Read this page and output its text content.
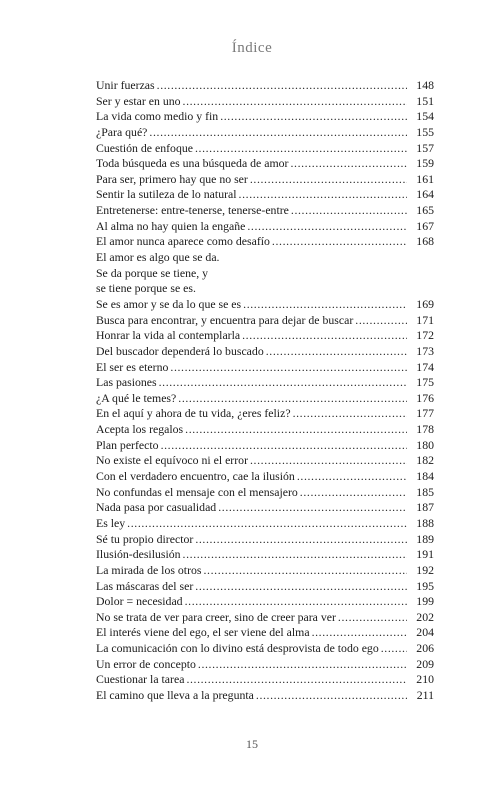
Índice
Unir fuerzas .....	148
Ser y estar en uno .....	151
La vida como medio y fin .....	154
¿Para qué? .....	155
Cuestión de enfoque .....	157
Toda búsqueda es una búsqueda de amor .....	159
Para ser, primero hay que no ser .....	161
Sentir la sutileza de lo natural .....	164
Entretenerse: entre-tenerse, tenerse-entre .....	165
Al alma no hay quien la engañe .....	167
El amor nunca aparece como desafío .....	168
El amor es algo que se da.
Se da porque se tiene, y
se tiene porque se es.
Se es amor y se da lo que se es .....	169
Busca para encontrar, y encuentra para dejar de buscar .....	171
Honrar la vida al contemplarla .....	172
Del buscador dependerá lo buscado .....	173
El ser es eterno .....	174
Las pasiones .....	175
¿A qué le temes? .....	176
En el aquí y ahora de tu vida, ¿eres feliz? .....	177
Acepta los regalos .....	178
Plan perfecto .....	180
No existe el equívoco ni el error .....	182
Con el verdadero encuentro, cae la ilusión .....	184
No confundas el mensaje con el mensajero .....	185
Nada pasa por casualidad .....	187
Es ley .....	188
Sé tu propio director .....	189
Ilusión-desilusión .....	191
La mirada de los otros .....	192
Las máscaras del ser .....	195
Dolor = necesidad .....	199
No se trata de ver para creer, sino de creer para ver .....	202
El interés viene del ego, el ser viene del alma .....	204
La comunicación con lo divino está desprovista de todo ego .....	206
Un error de concepto .....	209
Cuestionar la tarea .....	210
El camino que lleva a la pregunta .....	211
15
